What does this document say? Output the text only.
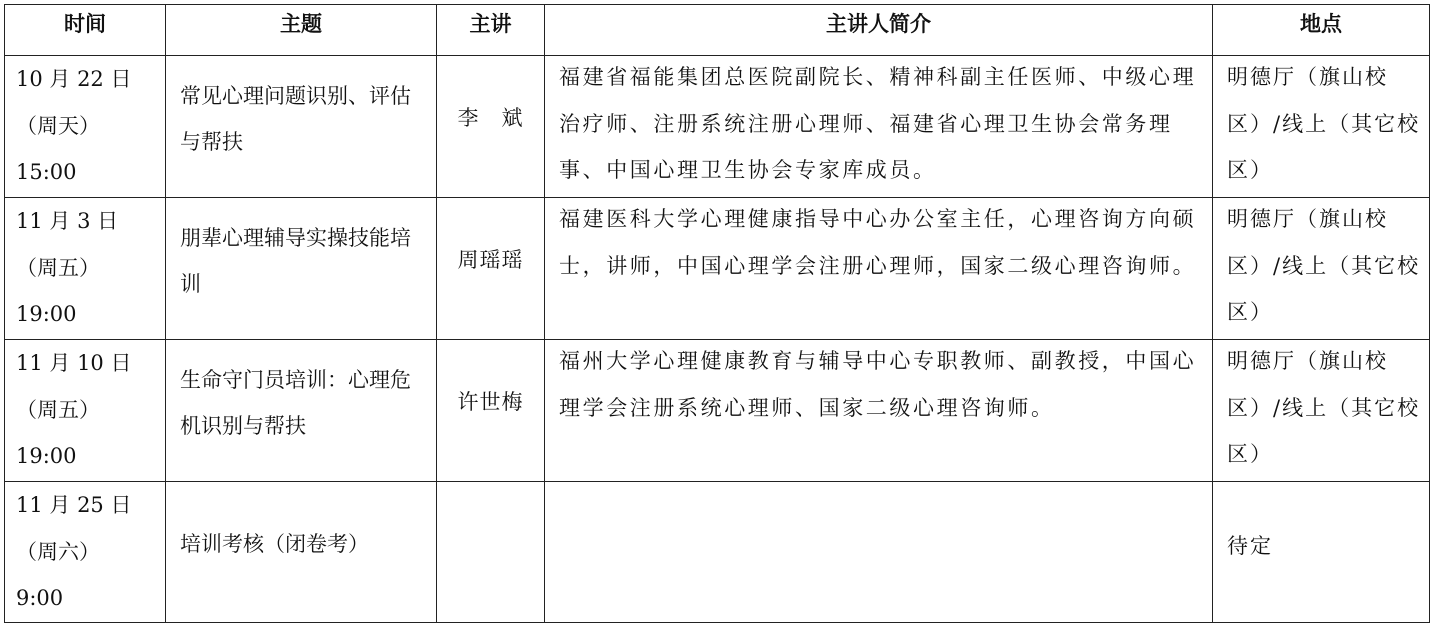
时间	主题	主讲	主讲人简介	地点

10 月 22 日
（周天）
15:00	常见心理问题识别、评估与帮扶	李　斌	福建省福能集团总医院副院长、精神科副主任医师、中级心理治疗师、注册系统注册心理师、福建省心理卫生协会常务理事、中国心理卫生协会专家库成员。	明德厅（旗山校区）/线上（其它校区）

11 月 3 日
（周五）
19:00	朋辈心理辅导实操技能培训	周瑶瑶	福建医科大学心理健康指导中心办公室主任，心理咨询方向硕士，讲师，中国心理学会注册心理师，国家二级心理咨询师。	明德厅（旗山校区）/线上（其它校区）

11 月 10 日
（周五）
19:00	生命守门员培训：心理危机识别与帮扶	许世梅	福州大学心理健康教育与辅导中心专职教师、副教授，中国心理学会注册系统心理师、国家二级心理咨询师。	明德厅（旗山校区）/线上（其它校区）

11 月 25 日
（周六）
9:00	培训考核（闭卷考）			待定
